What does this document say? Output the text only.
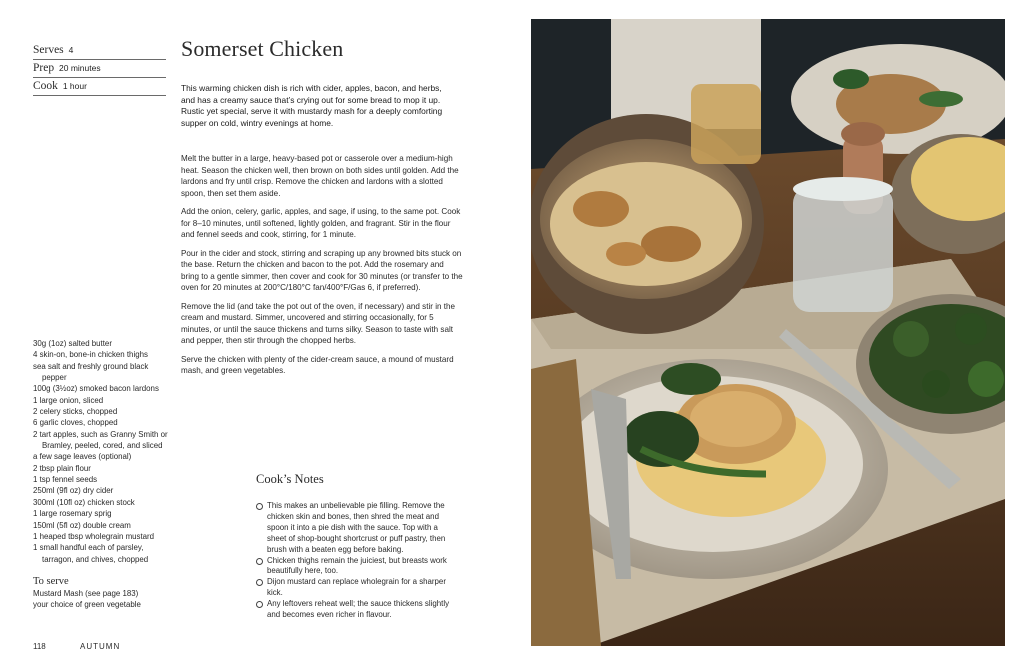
Serves 4
Prep 20 minutes
Cook 1 hour
Somerset Chicken
This warming chicken dish is rich with cider, apples, bacon, and herbs, and has a creamy sauce that’s crying out for some bread to mop it up. Rustic yet special, serve it with mustardy mash for a deeply comforting supper on cold, wintry evenings at home.

Melt the butter in a large, heavy-based pot or casserole over a medium-high heat. Season the chicken well, then brown on both sides until golden. Add the lardons and fry until crisp. Remove the chicken and lardons with a slotted spoon, then set them aside.

Add the onion, celery, garlic, apples, and sage, if using, to the same pot. Cook for 8–10 minutes, until softened, lightly golden, and fragrant. Stir in the flour and fennel seeds and cook, stirring, for 1 minute.

Pour in the cider and stock, stirring and scraping up any browned bits stuck on the base. Return the chicken and bacon to the pot. Add the rosemary and bring to a gentle simmer, then cover and cook for 30 minutes (or transfer to the oven for 20 minutes at 200°C/180°C fan/400°F/Gas 6, if preferred).

Remove the lid (and take the pot out of the oven, if necessary) and stir in the cream and mustard. Simmer, uncovered and stirring occasionally, for 5 minutes, or until the sauce thickens and turns silky. Season to taste with salt and pepper, then stir through the chopped herbs.

Serve the chicken with plenty of the cider-cream sauce, a mound of mustard mash, and green vegetables.

30g (1oz) salted butter
4 skin-on, bone-in chicken thighs
sea salt and freshly ground black pepper
100g (3½oz) smoked bacon lardons
1 large onion, sliced
2 celery sticks, chopped
6 garlic cloves, chopped
2 tart apples, such as Granny Smith or Bramley, peeled, cored, and sliced
a few sage leaves (optional)
2 tbsp plain flour
1 tsp fennel seeds
250ml (9fl oz) dry cider
300ml (10fl oz) chicken stock
1 large rosemary sprig
150ml (5fl oz) double cream
1 heaped tbsp wholegrain mustard
1 small handful each of parsley, tarragon, and chives, chopped
To serve
Mustard Mash (see page 183)
your choice of green vegetable
Cook’s Notes
This makes an unbelievable pie filling. Remove the chicken skin and bones, then shred the meat and spoon it into a pie dish with the sauce. Top with a sheet of shop-bought shortcrust or puff pastry, then brush with a beaten egg before baking.
Chicken thighs remain the juiciest, but breasts work beautifully here, too.
Dijon mustard can replace wholegrain for a sharper kick.
Any leftovers reheat well; the sauce thickens slightly and becomes even richer in flavour.
118	AUTUMN
